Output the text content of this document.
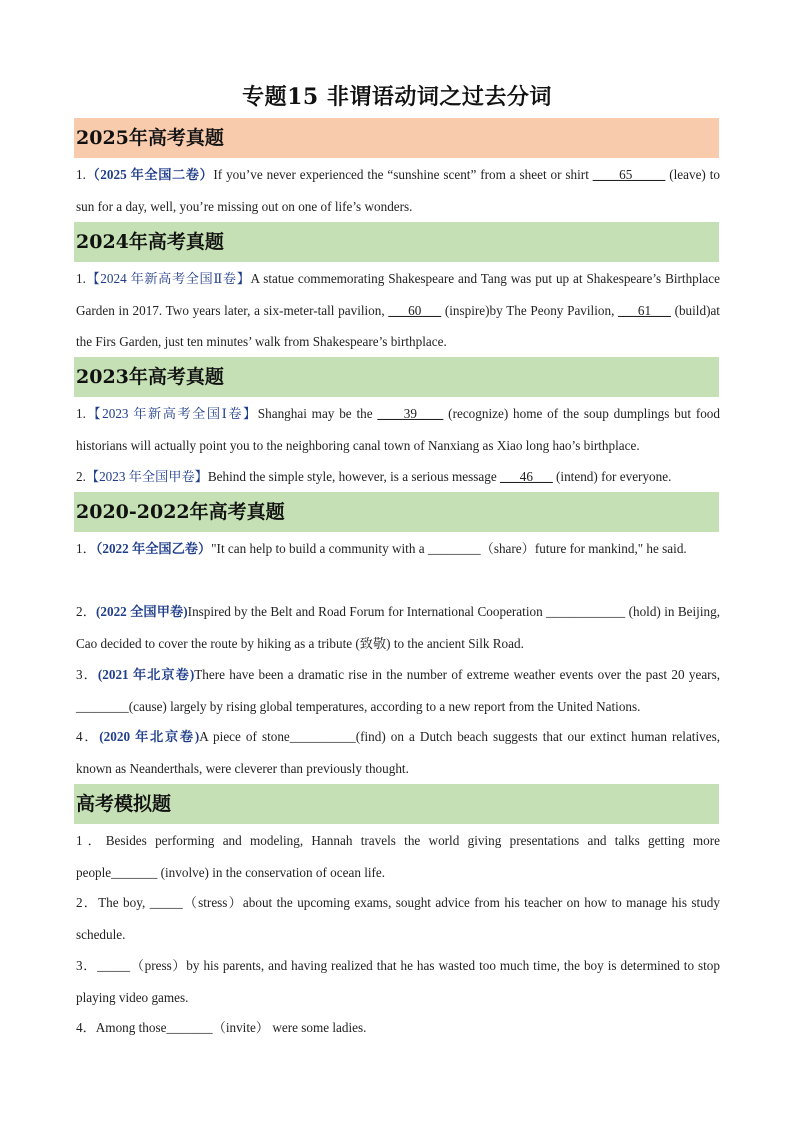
专题15 非谓语动词之过去分词
2025年高考真题
1.（2025 年全国二卷）If you’ve never experienced the “sunshine scent” from a sheet or shirt ____65_____ (leave) to sun for a day, well, you’re missing out on one of life’s wonders.
2024年高考真题
1.【2024 年新高考全国Ⅱ卷】A statue commemorating Shakespeare and Tang was put up at Shakespeare’s Birthplace Garden in 2017. Two years later, a six-meter-tall pavilion, ___60___ (inspire)by The Peony Pavilion, ___61___ (build)at the Firs Garden, just ten minutes’ walk from Shakespeare’s birthplace.
2023年高考真题
1.【2023 年新高考全国Ⅰ卷】Shanghai may be the ____39____ (recognize) home of the soup dumplings but food historians will actually point you to the neighboring canal town of Nanxiang as Xiao long hao’s birthplace.
2.【2023 年全国甲卷】Behind the simple style, however, is a serious message ___46___ (intend) for everyone.
2020-2022年高考真题
1．（2022 年全国乙卷）"It can help to build a community with a ________（share）future for mankind," he said.
2．(2022 全国甲卷)Inspired by the Belt and Road Forum for International Cooperation ____________ (hold) in Beijing, Cao decided to cover the route by hiking as a tribute (致敬) to the ancient Silk Road.
3．(2021 年北京卷)There have been a dramatic rise in the number of extreme weather events over the past 20 years, ________(cause) largely by rising global temperatures, according to a new report from the United Nations.
4．(2020 年北京卷)A piece of stone__________(find) on a Dutch beach suggests that our extinct human relatives, known as Neanderthals, were cleverer than previously thought.
高考模拟题
1．Besides performing and modeling, Hannah travels the world giving presentations and talks getting more people_______ (involve) in the conservation of ocean life.
2．The boy, _____（stress）about the upcoming exams, sought advice from his teacher on how to manage his study schedule.
3．_____（press）by his parents, and having realized that he has wasted too much time, the boy is determined to stop playing video games.
4．Among those_______（invite） were some ladies.
